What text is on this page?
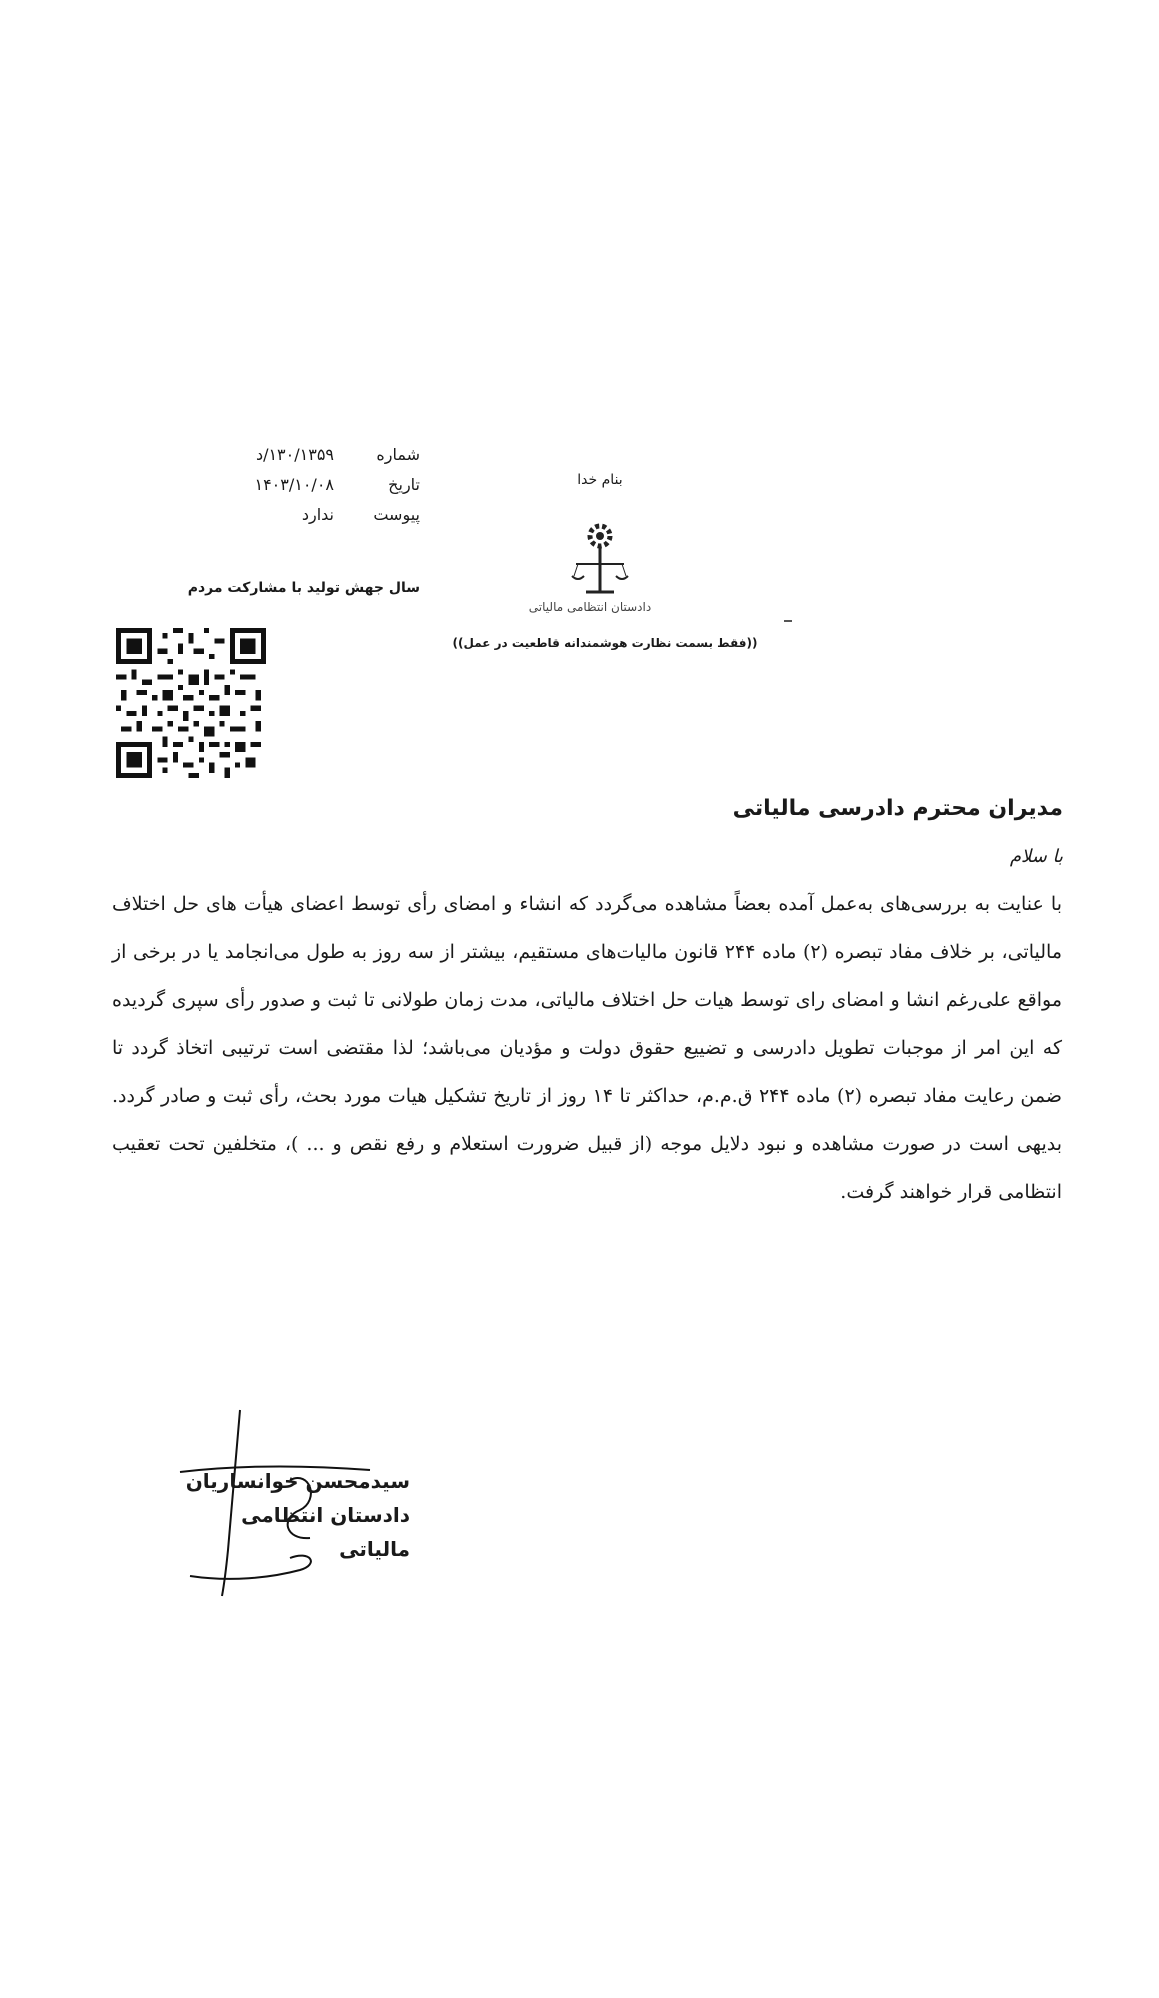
شماره
۱۳۰/۱۳۵۹/د
تاریخ
۱۴۰۳/۱۰/۰۸
پیوست
ندارد
سال جهش تولید با مشارکت مردم
بنام خدا
دادستان انتظامی مالیاتی
((فقط بسمت نظارت هوشمندانه قاطعیت در عمل))
مدیران محترم دادرسی مالیاتی
با سلام

با عنایت به بررسی‌های به‌عمل آمده بعضاً مشاهده می‌گردد که انشاء و امضای رأی توسط اعضای هیأت های حل اختلاف مالیاتی، بر خلاف مفاد تبصره (۲) ماده ۲۴۴ قانون مالیات‌های مستقیم، بیشتر از سه روز به طول می‌انجامد یا در برخی از مواقع علی‌رغم انشا و امضای رای توسط هیات حل اختلاف مالیاتی، مدت زمان طولانی تا ثبت و صدور رأی سپری گردیده که این امر از موجبات تطویل دادرسی و تضییع حقوق دولت و مؤدیان می‌باشد؛ لذا مقتضی است ترتیبی اتخاذ گردد تا ضمن رعایت مفاد تبصره (۲) ماده ۲۴۴ ق.م.م، حداکثر تا ۱۴ روز از تاریخ تشکیل هیات مورد بحث، رأی ثبت و صادر گردد. بدیهی است در صورت مشاهده و نبود دلایل موجه (از قبیل ضرورت استعلام و رفع نقص و ... )، متخلفین تحت تعقیب انتظامی قرار خواهند گرفت.

سیدمحسن خوانساریان
دادستان انتظامی مالیاتی
